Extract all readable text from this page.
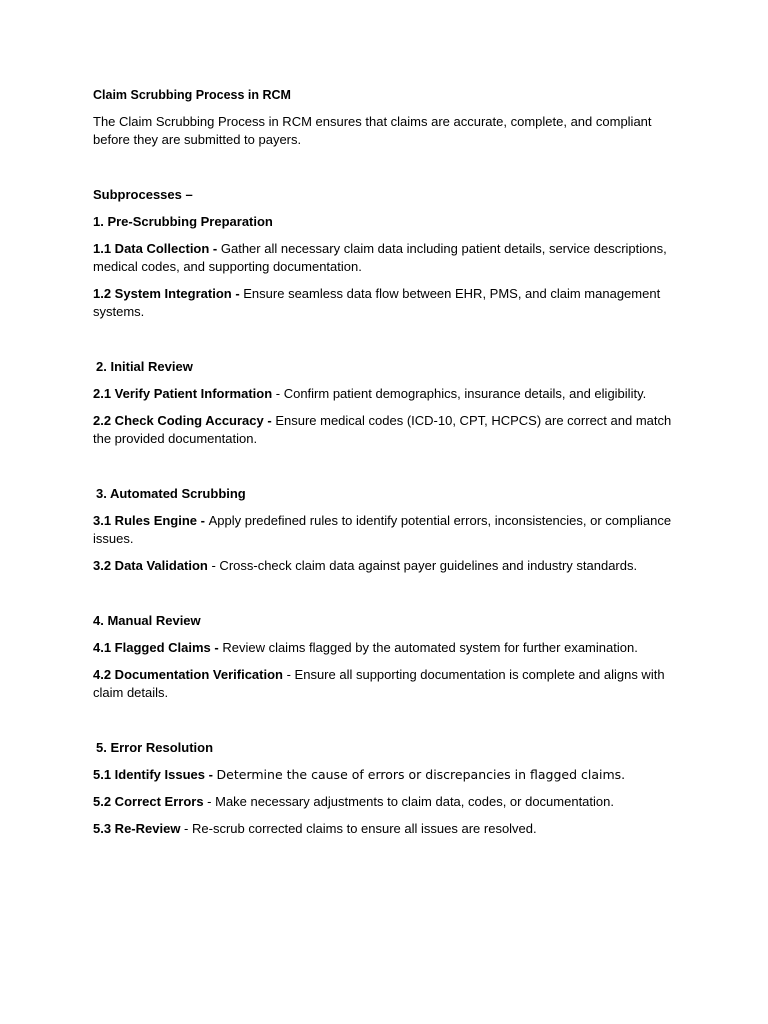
Claim Scrubbing Process in RCM

The Claim Scrubbing Process in RCM ensures that claims are accurate, complete, and compliant before they are submitted to payers.

Subprocesses –

1. Pre-Scrubbing Preparation

1.1 Data Collection - Gather all necessary claim data including patient details, service descriptions, medical codes, and supporting documentation.

1.2 System Integration - Ensure seamless data flow between EHR, PMS, and claim management systems.

2. Initial Review

2.1 Verify Patient Information - Confirm patient demographics, insurance details, and eligibility.

2.2 Check Coding Accuracy - Ensure medical codes (ICD-10, CPT, HCPCS) are correct and match the provided documentation.

3. Automated Scrubbing

3.1 Rules Engine - Apply predefined rules to identify potential errors, inconsistencies, or compliance issues.

3.2 Data Validation - Cross-check claim data against payer guidelines and industry standards.

4. Manual Review

4.1 Flagged Claims - Review claims flagged by the automated system for further examination.

4.2 Documentation Verification - Ensure all supporting documentation is complete and aligns with claim details.

5. Error Resolution

5.1 Identify Issues - Determine the cause of errors or discrepancies in flagged claims.

5.2 Correct Errors - Make necessary adjustments to claim data, codes, or documentation.

5.3 Re-Review - Re-scrub corrected claims to ensure all issues are resolved.
